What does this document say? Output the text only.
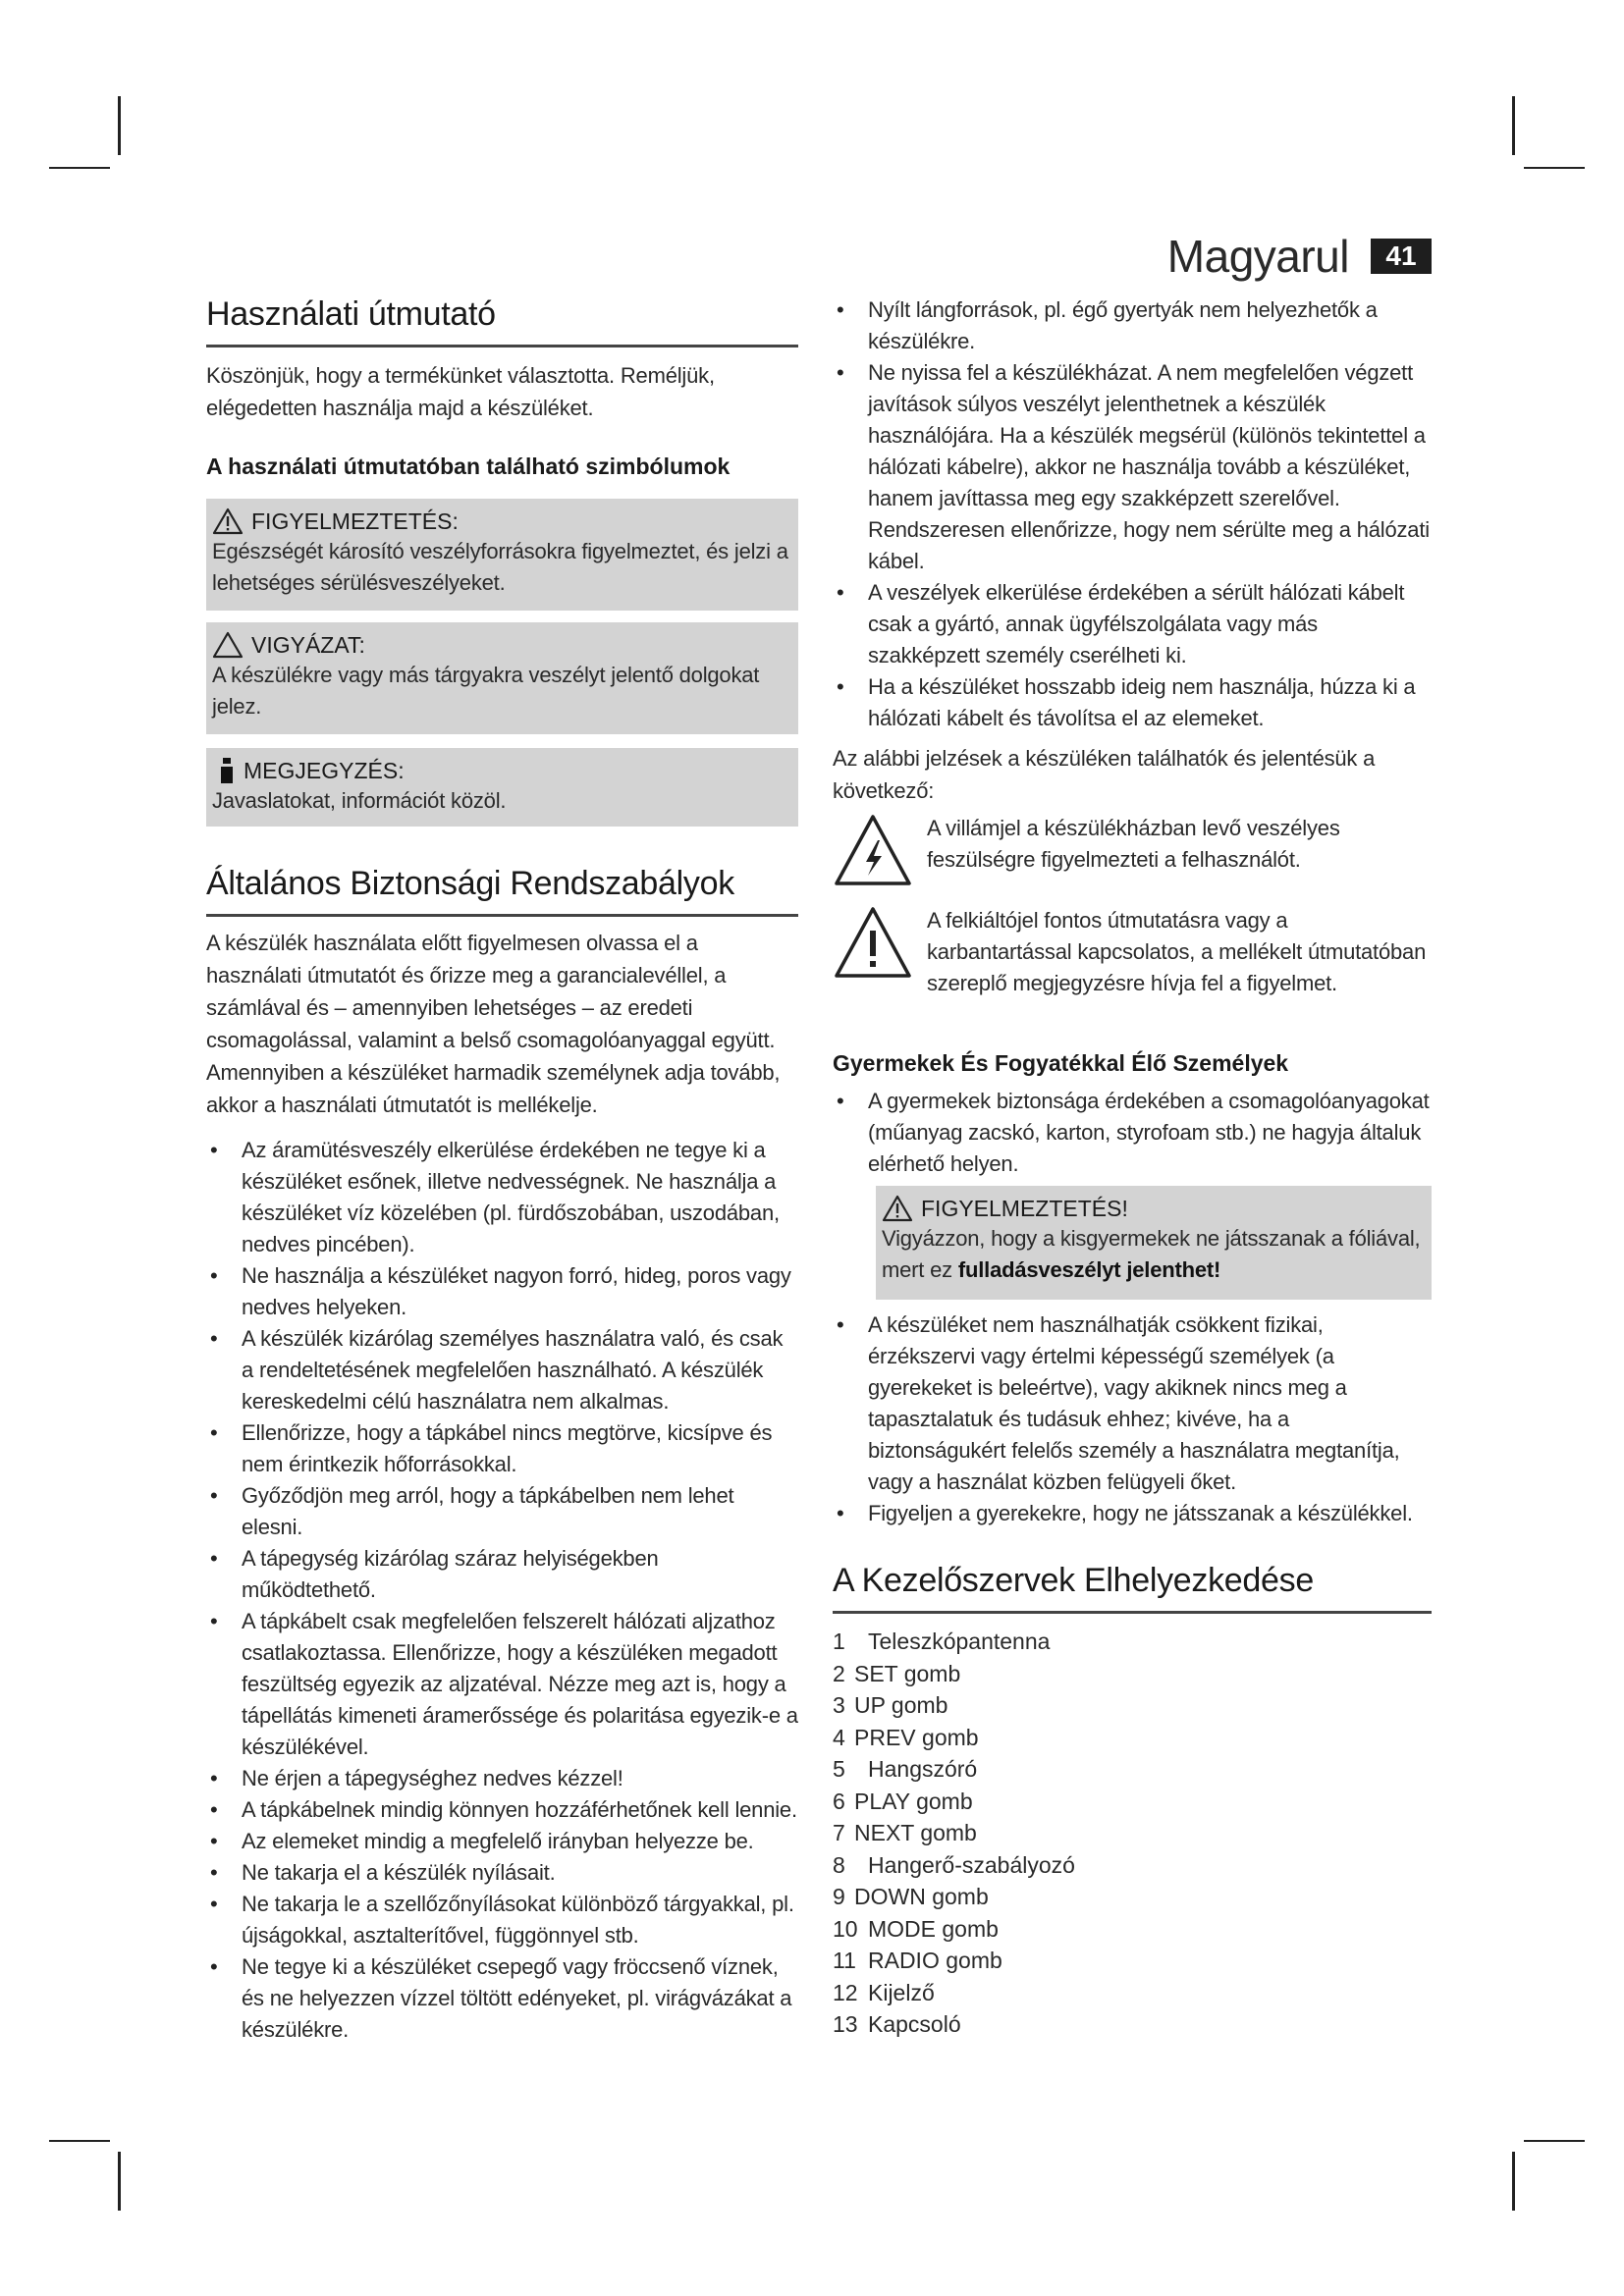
Magyarul	41
Használati útmutató

Köszönjük, hogy a termékünket választotta. Reméljük, elégedetten használja majd a készüléket.

A használati útmutatóban található szimbólumok
FIGYELMEZTETÉS:
Egészségét károsító veszélyforrásokra figyelmeztet, és jelzi a lehetséges sérülésveszélyeket.
VIGYÁZAT:
A készülékre vagy más tárgyakra veszélyt jelentő dolgokat jelez.
MEGJEGYZÉS:
Javaslatokat, információt közöl.
Általános Biztonsági Rendszabályok

A készülék használata előtt figyelmesen olvassa el a használati útmutatót és őrizze meg a garancialevéllel, a számlával és – amennyiben lehetséges – az eredeti csomagolással, valamint a belső csomagolóanyaggal együtt. Amennyiben a készüléket harmadik személynek adja tovább, akkor a használati útmutatót is mellékelje.

• Az áramütésveszély elkerülése érdekében ne tegye ki a készüléket esőnek, illetve nedvességnek. Ne használja a készüléket víz közelében (pl. fürdőszobában, uszodában, nedves pincében).
• Ne használja a készüléket nagyon forró, hideg, poros vagy nedves helyeken.
• A készülék kizárólag személyes használatra való, és csak a rendeltetésének megfelelően használható. A készülék kereskedelmi célú használatra nem alkalmas.
• Ellenőrizze, hogy a tápkábel nincs megtörve, kicsípve és nem érintkezik hőforrásokkal.
• Győződjön meg arról, hogy a tápkábelben nem lehet elesni.
• A tápegység kizárólag száraz helyiségekben működtethető.
• A tápkábelt csak megfelelően felszerelt hálózati aljzathoz csatlakoztassa. Ellenőrizze, hogy a készüléken megadott feszültség egyezik az aljzatéval. Nézze meg azt is, hogy a tápellátás kimeneti áramerőssége és polaritása egyezik-e a készülékével.
• Ne érjen a tápegységhez nedves kézzel!
• A tápkábelnek mindig könnyen hozzáférhetőnek kell lennie.
• Az elemeket mindig a megfelelő irányban helyezze be.
• Ne takarja el a készülék nyílásait.
• Ne takarja le a szellőzőnyílásokat különböző tárgyakkal, pl. újságokkal, asztalterítővel, függönnyel stb.
• Ne tegye ki a készüléket csepegő vagy fröccsenő víznek, és ne helyezzen vízzel töltött edényeket, pl. virágvázákat a készülékre.
• Nyílt lángforrások, pl. égő gyertyák nem helyezhetők a készülékre.
• Ne nyissa fel a készülékházat. A nem megfelelően végzett javítások súlyos veszélyt jelenthetnek a készülék használójára. Ha a készülék megsérül (különös tekintettel a hálózati kábelre), akkor ne használja tovább a készüléket, hanem javíttassa meg egy szakképzett szerelővel. Rendszeresen ellenőrizze, hogy nem sérülte meg a hálózati kábel.
• A veszélyek elkerülése érdekében a sérült hálózati kábelt csak a gyártó, annak ügyfélszolgálata vagy más szakképzett személy cserélheti ki.
• Ha a készüléket hosszabb ideig nem használja, húzza ki a hálózati kábelt és távolítsa el az elemeket.

Az alábbi jelzések a készüléken találhatók és jelentésük a következő:

A villámjel a készülékházban levő veszélyes feszülségre figyelmezteti a felhasználót.
A felkiáltójel fontos útmutatásra vagy a karbantartással kapcsolatos, a mellékelt útmutatóban szereplő megjegyzésre hívja fel a figyelmet.
Gyermekek És Fogyatékkal Élő Személyek
• A gyermekek biztonsága érdekében a csomagolóanyagokat (műanyag zacskó, karton, styrofoam stb.) ne hagyja általuk elérhető helyen.
FIGYELMEZTETÉS!
Vigyázzon, hogy a kisgyermekek ne játsszanak a fóliával, mert ez fulladásveszélyt jelenthet!
• A készüléket nem használhatják csökkent fizikai, érzékszervi vagy értelmi képességű személyek (a gyerekeket is beleértve), vagy akiknek nincs meg a tapasztalatuk és tudásuk ehhez; kivéve, ha a biztonságukért felelős személy a használatra megtanítja, vagy a használat közben felügyeli őket.
• Figyeljen a gyerekekre, hogy ne játsszanak a készülékkel.
A Kezelőszervek Elhelyezkedése
1	Teleszkópantenna
2 SET gomb
3 UP gomb
4 PREV gomb
5	Hangszóró
6 PLAY gomb
7 NEXT gomb
8	Hangerő-szabályozó
9 DOWN gomb
10 MODE gomb
11 RADIO gomb
12 Kijelző
13 Kapcsoló
